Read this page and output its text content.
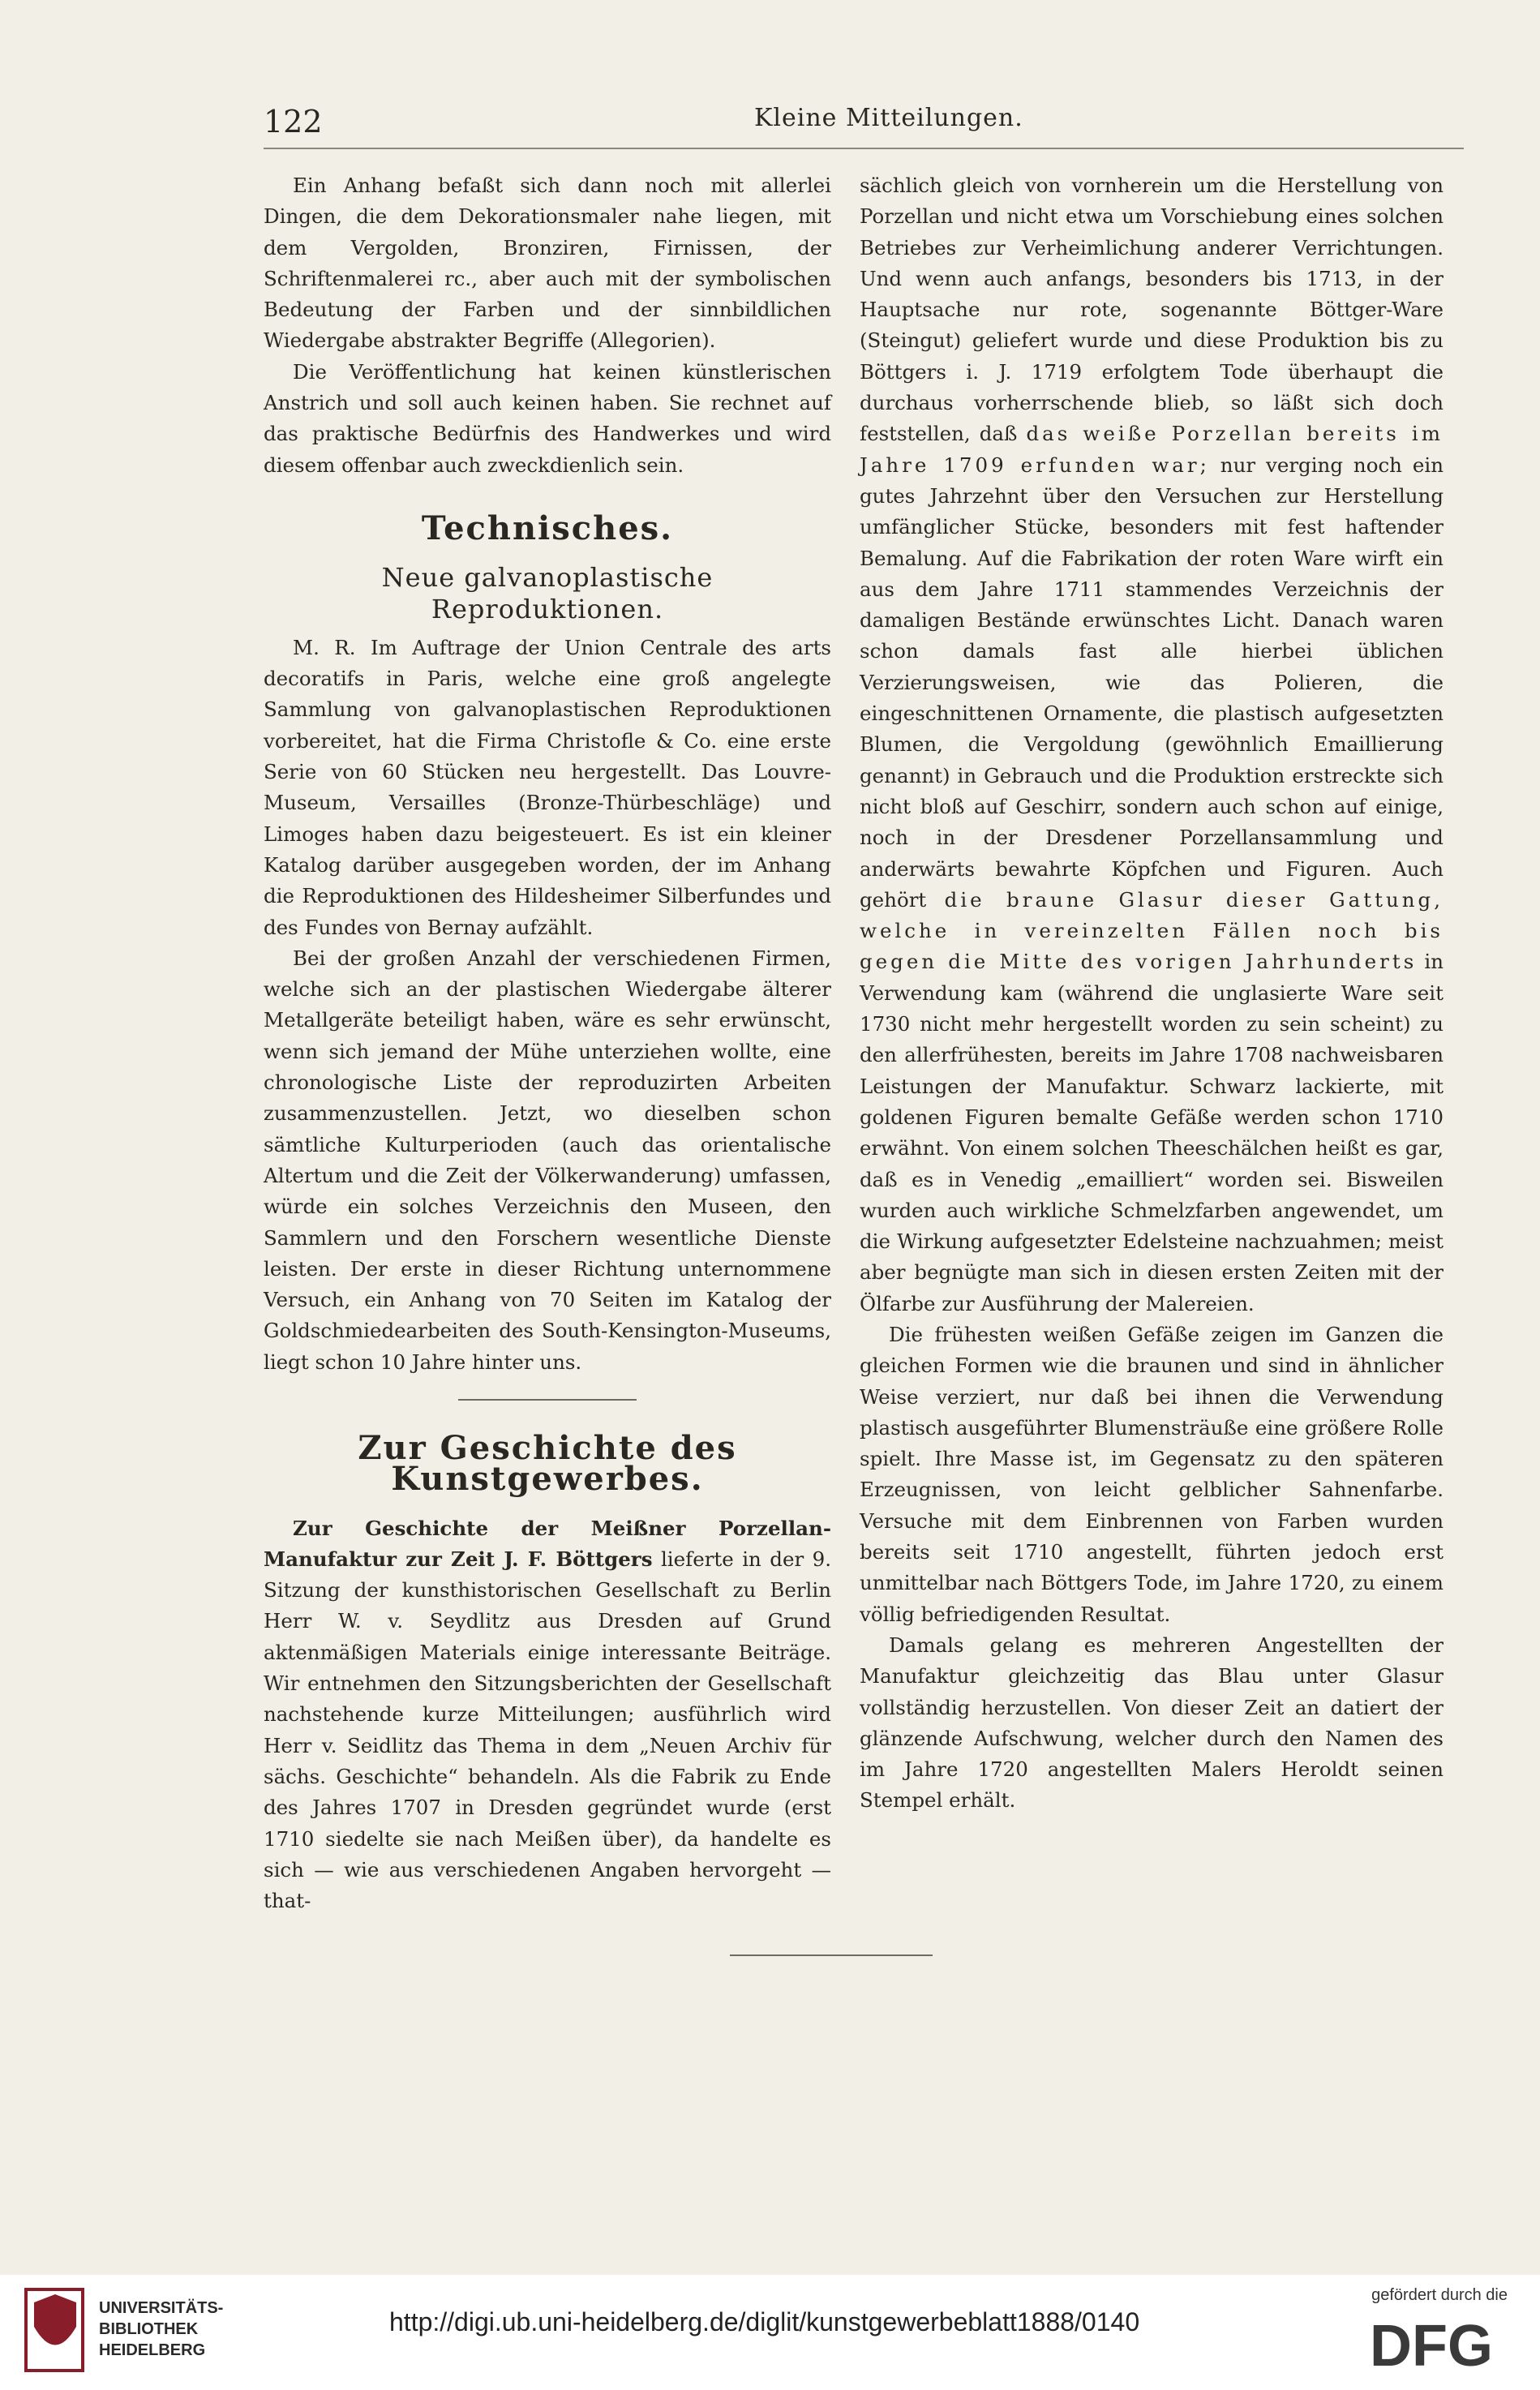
122	Kleine Mitteilungen.

Ein Anhang befaßt sich dann noch mit allerlei Dingen, die dem Dekorationsmaler nahe liegen, mit dem Vergolden, Bronziren, Firnissen, der Schriftenmalerei rc., aber auch mit der symbolischen Bedeutung der Farben und der sinnbildlichen Wiedergabe abstrakter Begriffe (Allegorien).

Die Veröffentlichung hat keinen künstlerischen Anstrich und soll auch keinen haben. Sie rechnet auf das praktische Bedürfnis des Handwerkes und wird diesem offenbar auch zweckdienlich sein.

Technisches.
Neue galvanoplastische Reproduktionen.

M. R. Im Auftrage der Union Centrale des arts decoratifs in Paris, welche eine groß angelegte Sammlung von galvanoplastischen Reproduktionen vorbereitet, hat die Firma Christofle & Co. eine erste Serie von 60 Stücken neu hergestellt. Das Louvre-Museum, Versailles (Bronze-Thürbeschläge) und Limoges haben dazu beigesteuert. Es ist ein kleiner Katalog darüber ausgegeben worden, der im Anhang die Reproduktionen des Hildesheimer Silberfundes und des Fundes von Bernay aufzählt.

Bei der großen Anzahl der verschiedenen Firmen, welche sich an der plastischen Wiedergabe älterer Metallgeräte beteiligt haben, wäre es sehr erwünscht, wenn sich jemand der Mühe unterziehen wollte, eine chronologische Liste der reproduzirten Arbeiten zusammenzustellen. Jetzt, wo dieselben schon sämtliche Kulturperioden (auch das orientalische Altertum und die Zeit der Völkerwanderung) umfassen, würde ein solches Verzeichnis den Museen, den Sammlern und den Forschern wesentliche Dienste leisten. Der erste in dieser Richtung unternommene Versuch, ein Anhang von 70 Seiten im Katalog der Goldschmiedearbeiten des South-Kensington-Museums, liegt schon 10 Jahre hinter uns.

Zur Geschichte des Kunstgewerbes.

Zur Geschichte der Meißner Porzellan-Manufaktur zur Zeit J. F. Böttgers lieferte in der 9. Sitzung der kunsthistorischen Gesellschaft zu Berlin Herr W. v. Seydlitz aus Dresden auf Grund aktenmäßigen Materials einige interessante Beiträge. Wir entnehmen den Sitzungsberichten der Gesellschaft nachstehende kurze Mitteilungen; ausführlich wird Herr v. Seidlitz das Thema in dem „Neuen Archiv für sächs. Geschichte“ behandeln. Als die Fabrik zu Ende des Jahres 1707 in Dresden gegründet wurde (erst 1710 siedelte sie nach Meißen über), da handelte es sich — wie aus verschiedenen Angaben hervorgeht — that-

sächlich gleich von vornherein um die Herstellung von Porzellan und nicht etwa um Vorschiebung eines solchen Betriebes zur Verheimlichung anderer Verrichtungen. Und wenn auch anfangs, besonders bis 1713, in der Hauptsache nur rote, sogenannte Böttger-Ware (Steingut) geliefert wurde und diese Produktion bis zu Böttgers i. J. 1719 erfolgtem Tode überhaupt die durchaus vorherrschende blieb, so läßt sich doch feststellen, daß das weiße Porzellan bereits im Jahre 1709 erfunden war; nur verging noch ein gutes Jahrzehnt über den Versuchen zur Herstellung umfänglicher Stücke, besonders mit fest haftender Bemalung. Auf die Fabrikation der roten Ware wirft ein aus dem Jahre 1711 stammendes Verzeichnis der damaligen Bestände erwünschtes Licht. Danach waren schon damals fast alle hierbei üblichen Verzierungsweisen, wie das Polieren, die eingeschnittenen Ornamente, die plastisch aufgesetzten Blumen, die Vergoldung (gewöhnlich Emaillierung genannt) in Gebrauch und die Produktion erstreckte sich nicht bloß auf Geschirr, sondern auch schon auf einige, noch in der Dresdener Porzellansammlung und anderwärts bewahrte Köpfchen und Figuren. Auch gehört die braune Glasur dieser Gattung, welche in vereinzelten Fällen noch bis gegen die Mitte des vorigen Jahrhunderts in Verwendung kam (während die unglasierte Ware seit 1730 nicht mehr hergestellt worden zu sein scheint) zu den allerfrühesten, bereits im Jahre 1708 nachweisbaren Leistungen der Manufaktur. Schwarz lackierte, mit goldenen Figuren bemalte Gefäße werden schon 1710 erwähnt. Von einem solchen Theeschälchen heißt es gar, daß es in Venedig „emailliert“ worden sei. Bisweilen wurden auch wirkliche Schmelzfarben angewendet, um die Wirkung aufgesetzter Edelsteine nachzuahmen; meist aber begnügte man sich in diesen ersten Zeiten mit der Ölfarbe zur Ausführung der Malereien.

Die frühesten weißen Gefäße zeigen im Ganzen die gleichen Formen wie die braunen und sind in ähnlicher Weise verziert, nur daß bei ihnen die Verwendung plastisch ausgeführter Blumensträuße eine größere Rolle spielt. Ihre Masse ist, im Gegensatz zu den späteren Erzeugnissen, von leicht gelblicher Sahnenfarbe. Versuche mit dem Einbrennen von Farben wurden bereits seit 1710 angestellt, führten jedoch erst unmittelbar nach Böttgers Tode, im Jahre 1720, zu einem völlig befriedigenden Resultat.

Damals gelang es mehreren Angestellten der Manufaktur gleichzeitig das Blau unter Glasur vollständig herzustellen. Von dieser Zeit an datiert der glänzende Aufschwung, welcher durch den Namen des im Jahre 1720 angestellten Malers Heroldt seinen Stempel erhält.

UNIVERSITÄTS-
BIBLIOTHEK
HEIDELBERG
http://digi.ub.uni-heidelberg.de/diglit/kunstgewerbeblatt1888/0140
gefördert durch die
DFG
